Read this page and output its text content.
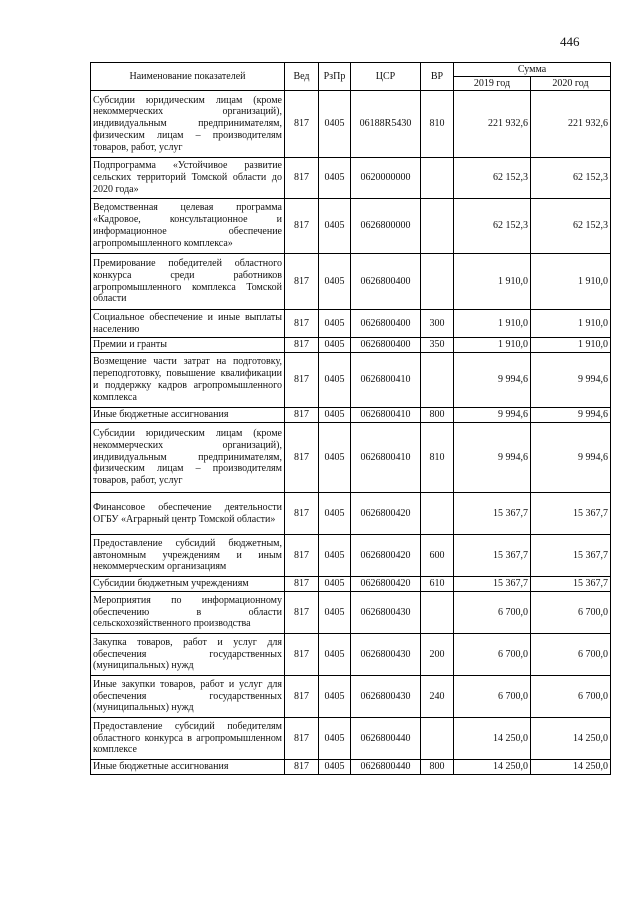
446
Наименование показателей	Вед	РзПр	ЦСР	ВР	Сумма	
					2019 год	2020 год
Субсидии юридическим лицам (кроме некоммерческих организаций), индивидуальным предпринимателям, физическим лицам – производителям товаров, работ, услуг	817	0405	06188R5430	810	221 932,6	221 932,6
Подпрограмма «Устойчивое развитие сельских территорий Томской области до 2020 года»	817	0405	0620000000		62 152,3	62 152,3
Ведомственная целевая программа «Кадровое, консультационное и информационное обеспечение агропромышленного комплекса»	817	0405	0626800000		62 152,3	62 152,3
Премирование победителей областного конкурса среди работников агропромышленного комплекса Томской области	817	0405	0626800400		1 910,0	1 910,0
Социальное обеспечение и иные выплаты населению	817	0405	0626800400	300	1 910,0	1 910,0
Премии и гранты	817	0405	0626800400	350	1 910,0	1 910,0
Возмещение части затрат на подготовку, переподготовку, повышение квалификации и поддержку кадров агропромышленного комплекса	817	0405	0626800410		9 994,6	9 994,6
Иные бюджетные ассигнования	817	0405	0626800410	800	9 994,6	9 994,6
Субсидии юридическим лицам (кроме некоммерческих организаций), индивидуальным предпринимателям, физическим лицам – производителям товаров, работ, услуг	817	0405	0626800410	810	9 994,6	9 994,6
Финансовое обеспечение деятельности ОГБУ «Аграрный центр Томской области»	817	0405	0626800420		15 367,7	15 367,7
Предоставление субсидий бюджетным, автономным учреждениям и иным некоммерческим организациям	817	0405	0626800420	600	15 367,7	15 367,7
Субсидии бюджетным учреждениям	817	0405	0626800420	610	15 367,7	15 367,7
Мероприятия по информационному обеспечению в области сельскохозяйственного производства	817	0405	0626800430		6 700,0	6 700,0
Закупка товаров, работ и услуг для обеспечения государственных (муниципальных) нужд	817	0405	0626800430	200	6 700,0	6 700,0
Иные закупки товаров, работ и услуг для обеспечения государственных (муниципальных) нужд	817	0405	0626800430	240	6 700,0	6 700,0
Предоставление субсидий победителям областного конкурса в агропромышленном комплексе	817	0405	0626800440		14 250,0	14 250,0
Иные бюджетные ассигнования	817	0405	0626800440	800	14 250,0	14 250,0
